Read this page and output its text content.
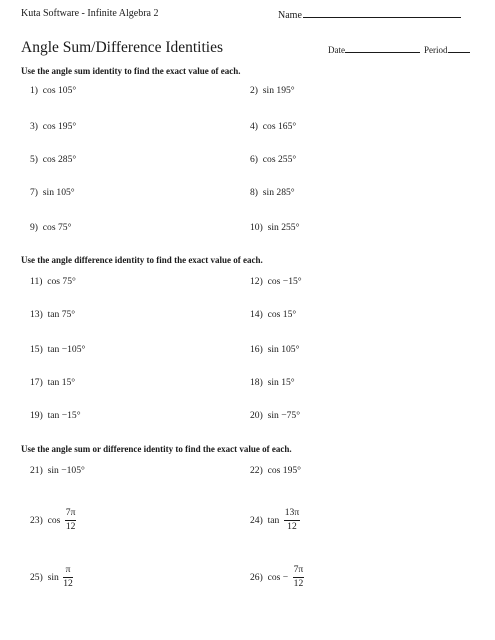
Kuta Software - Infinite Algebra 2	Name
Angle Sum/Difference Identities	Date	Period
Use the angle sum identity to find the exact value of each.
1) cos 105°	2) sin 195°
3) cos 195°	4) cos 165°
5) cos 285°	6) cos 255°
7) sin 105°	8) sin 285°
9) cos 75°	10) sin 255°
Use the angle difference identity to find the exact value of each.
11) cos 75°	12) cos −15°
13) tan 75°	14) cos 15°
15) tan −105°	16) sin 105°
17) tan 15°	18) sin 15°
19) tan −15°	20) sin −75°
Use the angle sum or difference identity to find the exact value of each.
21) sin −105°	22) cos 195°
23) $\cos \frac{7\pi}{12}$	24) $\tan \frac{13\pi}{12}$
25) $\sin \frac{\pi}{12}$	26) $\cos - \frac{7\pi}{12}$
